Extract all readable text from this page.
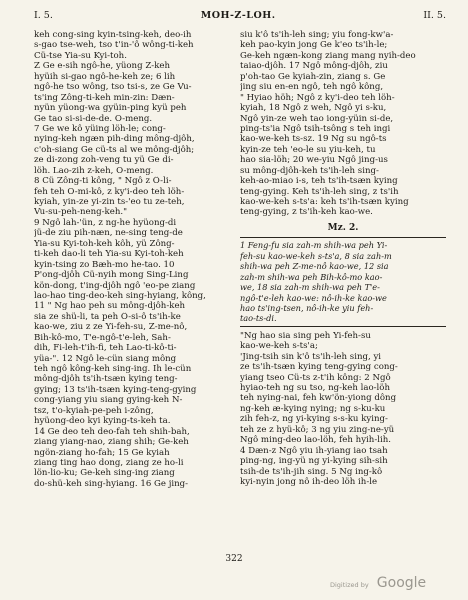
I. 5.	MOH-Z-LOH.	II. 5.
keh cong-sing kyin-tsing-keh, deo-ih
s-gao tse-weh, tso t'in-'ô wông-ti-keh
Cü-tse Yia-su Kyi-toh.
Z Ge e-sih ngô-he, yüong Z-keh
hyüih si-gao ngô-he-keh ze; 6 lih
ngô-he tso wông, tso tsi-s, ze Ge Vu-
ts'ing Zông-ti-keh min-zin: Dæn-
nyün yüong-wa gyüin-ping kyü peh
Ge tao si-si-de-de. O-meng.
7 Ge we kô yüing löh-le; cong-
nying-keh ngæn pih-ding mông-djôh,
c'oh-siang Ge cü-ts al we mông-djôh;
ze di-zong zoh-veng tu yü Ge di-
löh. Lao-zih z-keh, O-meng.
8 Cü Zông-ti kông, " Ngô z Ô-li-
feh teh O-mi-kô, z ky'i-deo teh löh-
kyiah, yin-ze yi-zin ts-'eo tu ze-teh,
Vu-su-peh-neng-keh."
9 Ngô lah-'ün, z ng-he hyüong-di
jü-de ziu pih-næn, ne-sing teng-de
Yia-su Kyi-toh-keh kôh, yü Zông-
ti-keh dao-li teh Yia-su Kyi-toh-keh
kyin-tsing zo Bæh-mo he-tao. 10
P'ong-djôh Cü-nyih mong Sing-Ling
kön-dong, t'ing-djôh ngô 'eo-pe ziang
lao-hao ting-deo-keh sing-hyiang, kông,
11 " Ng hao peh su mông-djôh-keh
sia ze shü-li, ta peh Ô-si-ô ts'ih-ke
kao-we, ziu z ze Yi-feh-su, Z-me-nô,
Bih-kô-mo, T'e-ngô-t'e-leh, Sah-
dih, Fi-leh-t'ih-fi, teh Lao-ti-kô-ti-
yüa-". 12 Ngô le-cün siang mông
teh ngô kông-keh sing-ing. Ih le-cün
mông-djôh ts'ih-tsæn kying teng-
gying; 13 ts'ih-tsæn kying-teng-gying
cong-yiang yiu siang gying-keh N-
tsz, t'o-kyiah-pe-peh i-zông,
hyüong-deo kyi kying-ts-keh ta.
14 Ge deo teh deo-fah teh shih-bah,
ziang yiang-nao, ziang shih; Ge-keh
ngön-ziang ho-fah; 15 Ge kyiah
ziang ting hao dong, ziang ze ho-li
lön-lio-ku; Ge-keh sing-ing ziang
do-shü-keh sing-hyiang. 16 Ge jing-
siu k'ô ts'ih-leh sing; yiu fong-kw'a-
keh pao-kyin jong Ge k'eo ts'ih-le;
Ge-keh ngæn-kong ziang mang nyih-deo
taiao-djôh. 17 Ngô mông-djôh, ziu
p'oh-tao Ge kyiah-zin, ziang s. Ge
jing siu en-en ngô, teh ngô kông,
" Hyiao höh; Ngô z ky'i-deo teh löh-
kyiah, 18 Ngô z weh, Ngô yi s-ku,
Ngô yin-ze weh tao iong-yüin si-de,
ping-ts'ia Ngô tsih-tsông s teh ingi
kao-we-keh ts-sz. 19 Ng su ngô-ts
kyin-ze teh 'eo-le su yiu-keh, tu
hao sia-löh; 20 we-yiu Ngô jing-us
su mông-djôh-keh ts'ih-leh sing-
keh-ao-miao i-s, teh ts'ih-tsæn kying
teng-gying. Keh ts'ih-leh sing, z ts'ih
kao-we-keh s-ts'a: keh ts'ih-tsæn kying
teng-gying, z ts'ih-keh kao-we.
Mz. 2.
1 Feng-fu sia zah-m shih-wa peh Yi-
feh-su kao-we-keh s-ts'a, 8 sia zah-m
shih-wa peh Z-me-nô kao-we, 12 sia
zah-m shih-wa peh Bih-kô-mo kao-
we, 18 sia zah-m shih-wa peh T'e-
ngô-t'e-leh kao-we: nô-ih-ke kao-we
hao ts'ing-tsen, nô-ih-ke yiu feh-
tao-ts-di.
"Ng hao sia sing peh Yi-feh-su
kao-we-keh s-ts'a;
'Jing-tsih sin k'ô ts'ih-leh sing, yi
ze ts'ih-tsæn kying teng-gying cong-
yiang tseo Cü-ts z-t'ih kông: 2 Ngô
hyiao-teh ng su tso, ng-keh lao-löh
teh nying-nai, feh kw'ön-yiong dông
ng-keh æ-kying nying; ng s-ku-ku
zih feh-z, ng yi-kying s-s-ku kying-
teh ze z hyü-kô; 3 ng yiu zing-ne-yü
Ngô ming-deo lao-löh, feh hyih-lih.
4 Dæn-z Ngô yiu ih-yiang iao tsah
ping-ng, ing-yü ng yi-kying sih-sih
tsih-de ts'ih-jih sing. 5 Ng ing-kô
kyi-nyin jong nô ih-deo löh ih-le
322
Digitized by Google
